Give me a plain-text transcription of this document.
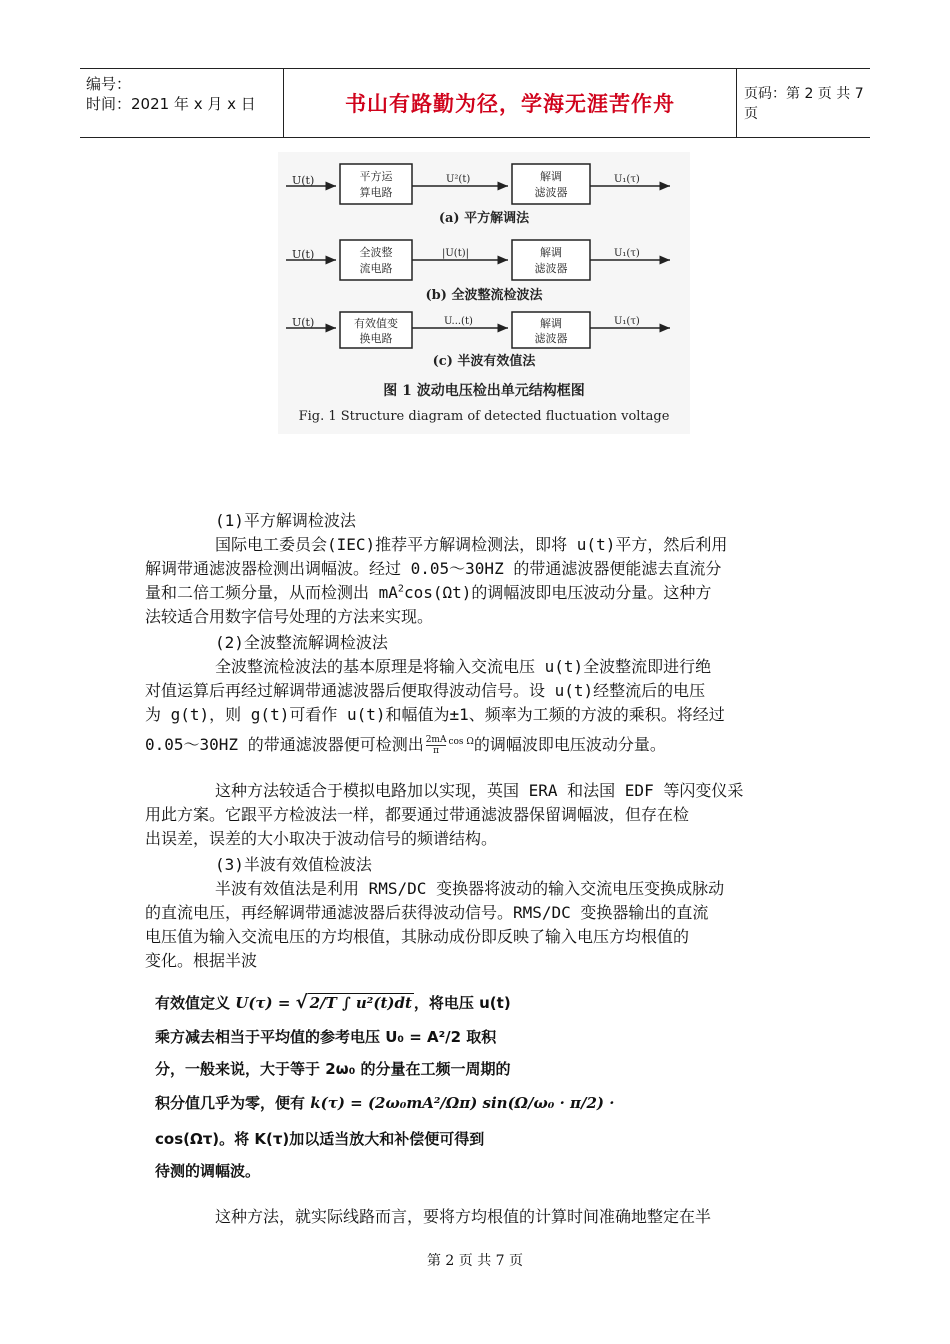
编号：
时间：2021 年 x 月 x 日	书山有路勤为径，学海无涯苦作舟	页码：第 2 页 共 7 页
U(t)	平方运
算电路
U²(t)	解调
滤波器
U₁(τ)
(a) 平方解调法
U(t)	全波整
流电路
|U(t)|	解调
滤波器
U₁(τ)
(b) 全波整流检波法
U(t)	有效值变
换电路
U...(t)	解调
滤波器
U₁(τ)
(c) 半波有效值法
图 1 波动电压检出单元结构框图
Fig. 1 Structure diagram of detected fluctuation voltage
(1)平方解调检波法
国际电工委员会(IEC)推荐平方解调检测法，即将 u(t)平方，然后利用
解调带通滤波器检测出调幅波。经过 0.05～30HZ 的带通滤波器便能滤去直流分
量和二倍工频分量，从而检测出 $mA^2\cos(\Omega t)$的调幅波即电压波动分量。这种方
法较适合用数字信号处理的方法来实现。
(2)全波整流解调检波法
全波整流检波法的基本原理是将输入交流电压 u(t)全波整流即进行绝
对值运算后再经过解调带通滤波器后便取得波动信号。设 u(t)经整流后的电压
为 g(t)，则 g(t)可看作 u(t)和幅值为±1、频率为工频的方波的乘积。将经过
0.05～30HZ 的带通滤波器便可检测出 $\frac{2mA}{\pi} ^{cos \Omega}$的调幅波即电压波动分量。
这种方法较适合于模拟电路加以实现，英国 ERA 和法国 EDF 等闪变仪采
用此方案。它跟平方检波法一样，都要通过带通滤波器保留调幅波，但存在检
出误差，误差的大小取决于波动信号的频谱结构。
(3)半波有效值检波法
半波有效值法是利用 RMS/DC 变换器将波动的输入交流电压变换成脉动
的直流电压，再经解调带通滤波器后获得波动信号。RMS/DC 变换器输出的直流
电压值为输入交流电压的方均根值，其脉动成份即反映了输入电压方均根值的
变化。根据半波
这种方法，就实际线路而言，要将方均根值的计算时间准确地整定在半
有效值定义 U(τ) = √ 2/T ∫ u²(t)dt ，将电压 u(t)
乘方减去相当于平均值的参考电压 U₀ = A²/2 取积
分，一般来说，大于等于 2ω₀ 的分量在工频一周期的
积分值几乎为零，便有 k(τ) = (2ω₀mA²/Ωπ) sin(Ω/ω₀ · π/2) ·
cos(Ωτ)。将 K(τ)加以适当放大和补偿便可得到
待测的调幅波。
第 2 页 共 7 页
